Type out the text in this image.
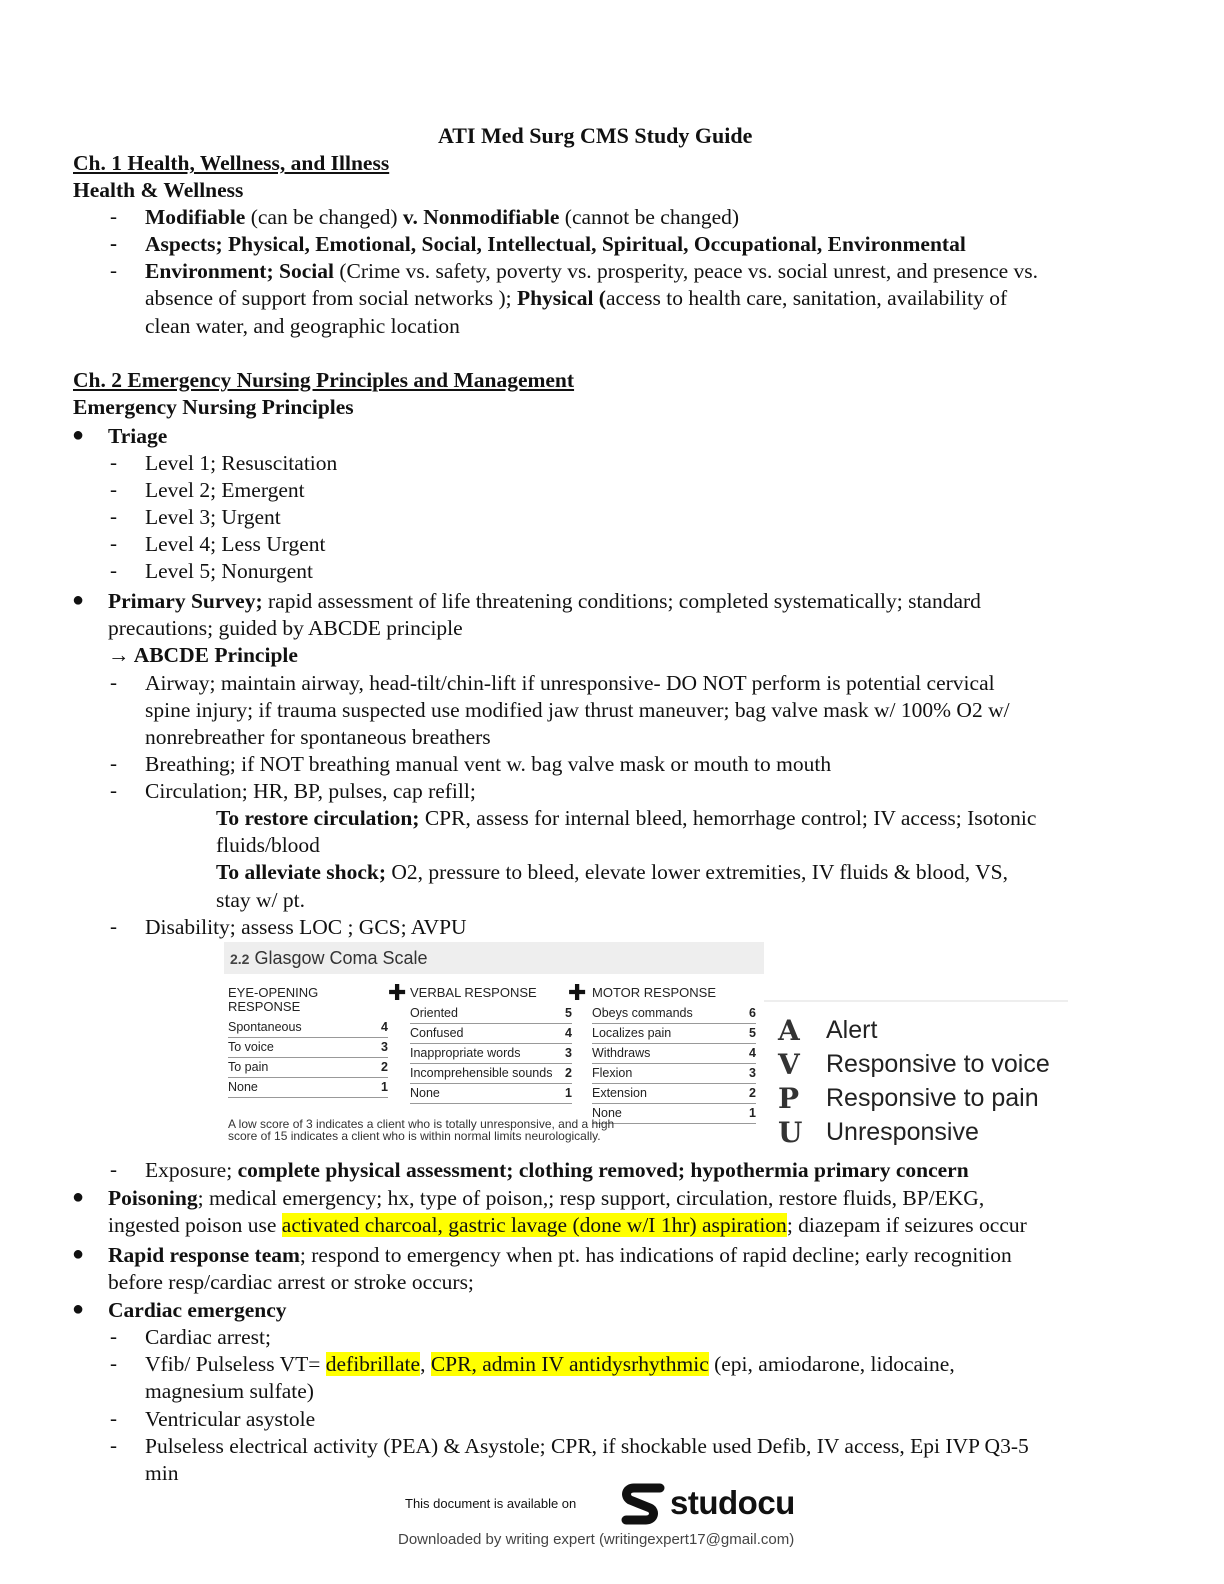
ATI Med Surg CMS Study Guide
Ch. 1 Health, Wellness, and Illness
Health & Wellness
- Modifiable (can be changed) v. Nonmodifiable (cannot be changed)
- Aspects; Physical, Emotional, Social, Intellectual, Spiritual, Occupational, Environmental
- Environment; Social (Crime vs. safety, poverty vs. prosperity, peace vs. social unrest, and presence vs.
absence of support from social networks ); Physical (access to health care, sanitation, availability of
clean water, and geographic location
Ch. 2 Emergency Nursing Principles and Management
Emergency Nursing Principles
● Triage
- Level 1; Resuscitation
- Level 2; Emergent
- Level 3; Urgent
- Level 4; Less Urgent
- Level 5; Nonurgent
● Primary Survey; rapid assessment of life threatening conditions; completed systematically; standard
precautions; guided by ABCDE principle
→ ABCDE Principle
- Airway; maintain airway, head-tilt/chin-lift if unresponsive- DO NOT perform is potential cervical
spine injury; if trauma suspected use modified jaw thrust maneuver; bag valve mask w/ 100% O2 w/
nonrebreather for spontaneous breathers
- Breathing; if NOT breathing manual vent w. bag valve mask or mouth to mouth
- Circulation; HR, BP, pulses, cap refill;
To restore circulation; CPR, assess for internal bleed, hemorrhage control; IV access; Isotonic
fluids/blood
To alleviate shock; O2, pressure to bleed, elevate lower extremities, IV fluids & blood, VS,
stay w/ pt.
- Disability; assess LOC ; GCS; AVPU
2.2 Glasgow Coma Scale
EYE-OPENING
RESPONSE
Spontaneous	4
To voice	3
To pain	2
None	1
✚ VERBAL RESPONSE
Oriented	5
Confused	4
Inappropriate words	3
Incomprehensible sounds 2
None	1
✚ MOTOR RESPONSE
Obeys commands	6
Localizes pain	5
Withdraws	4
Flexion	3
Extension	2
None	1
A low score of 3 indicates a client who is totally unresponsive, and a high
score of 15 indicates a client who is within normal limits neurologically.
A Alert
V Responsive to voice
P Responsive to pain
U Unresponsive
- Exposure; complete physical assessment; clothing removed; hypothermia primary concern
● Poisoning; medical emergency; hx, type of poison,; resp support, circulation, restore fluids, BP/EKG,
ingested poison use activated charcoal, gastric lavage (done w/I 1hr) aspiration; diazepam if seizures occur
● Rapid response team; respond to emergency when pt. has indications of rapid decline; early recognition
before resp/cardiac arrest or stroke occurs;
● Cardiac emergency
- Cardiac arrest;
- Vfib/ Pulseless VT= defibrillate, CPR, admin IV antidysrhythmic (epi, amiodarone, lidocaine,
magnesium sulfate)
- Ventricular asystole
- Pulseless electrical activity (PEA) & Asystole; CPR, if shockable used Defib, IV access, Epi IVP Q3-5
min
This document is available on	studocu
Downloaded by writing expert (writingexpert17@gmail.com)
